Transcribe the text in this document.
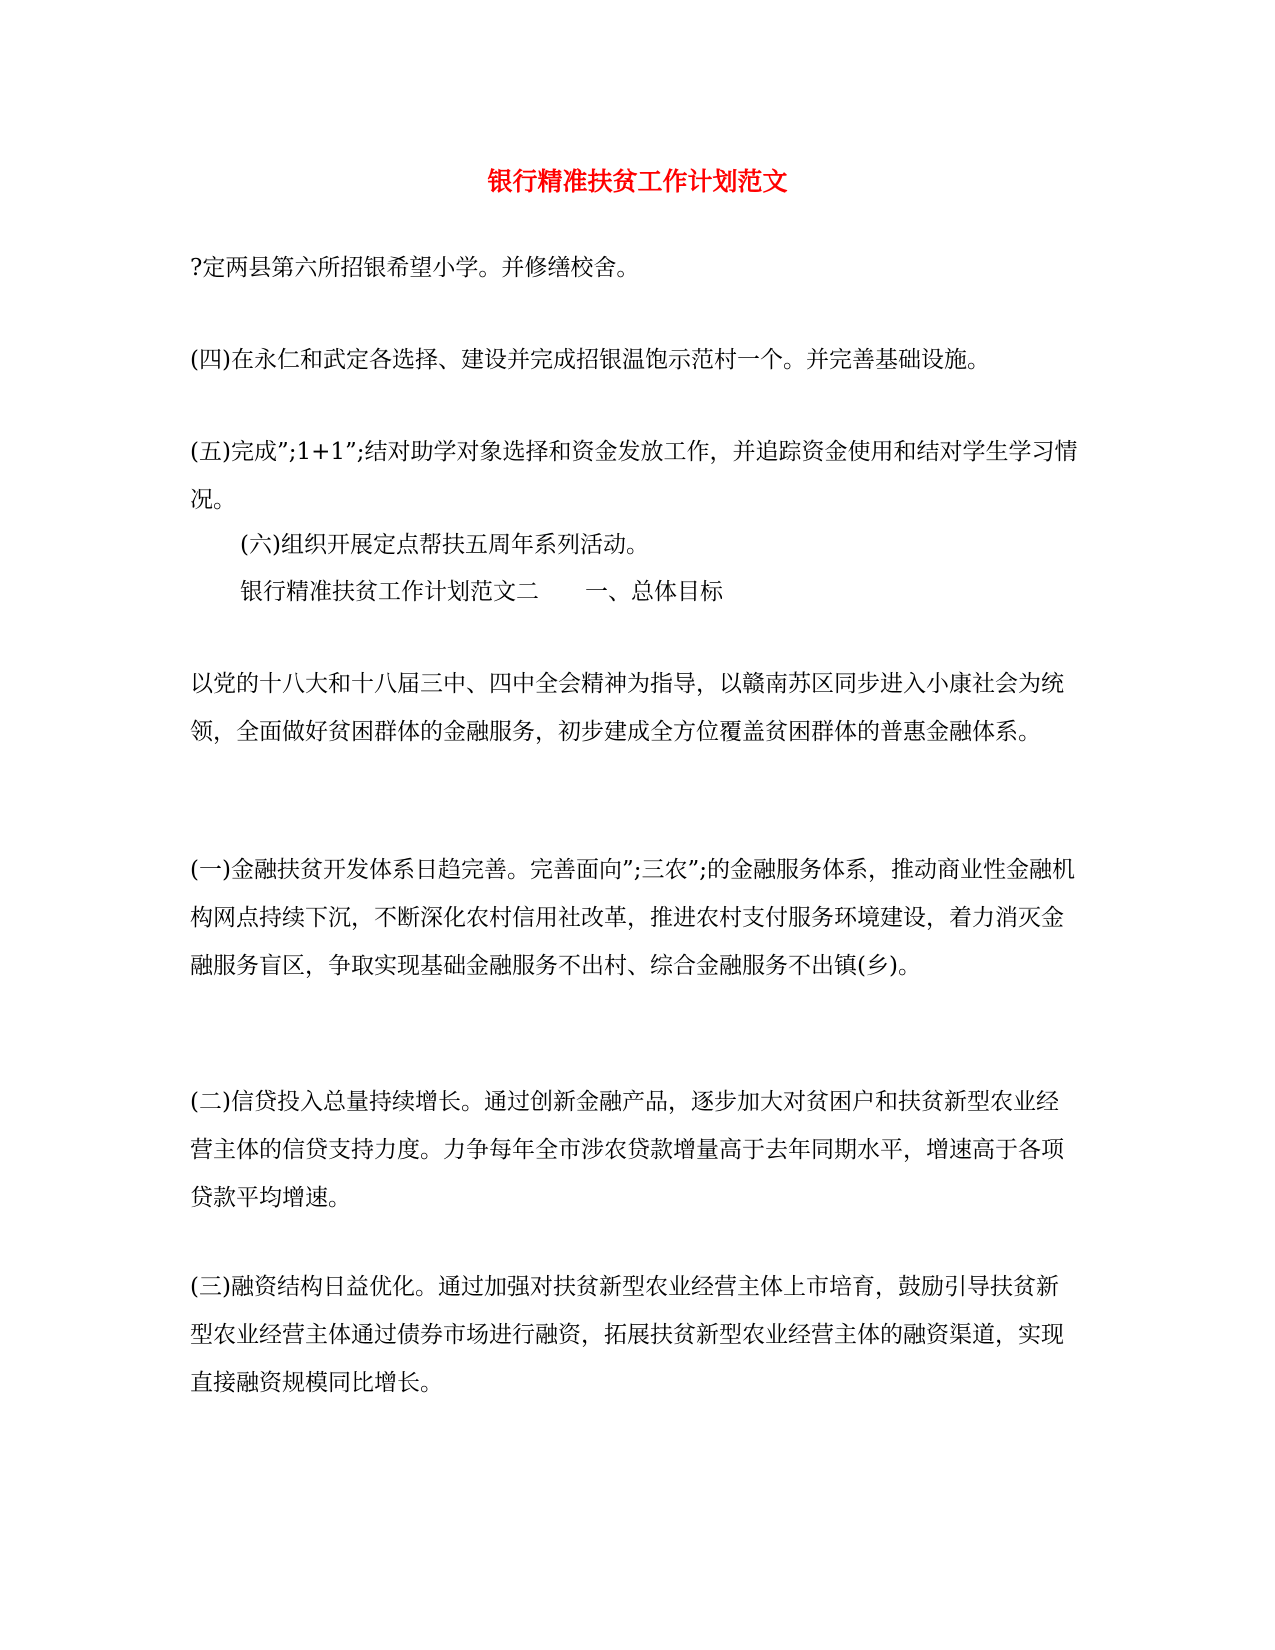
银行精准扶贫工作计划范文

?定两县第六所招银希望小学。并修缮校舍。

(四)在永仁和武定各选择、建设并完成招银温饱示范村一个。并完善基础设施。

(五)完成”;1+1”;结对助学对象选择和资金发放工作，并追踪资金使用和结对学生学习情况。

(六)组织开展定点帮扶五周年系列活动。

银行精准扶贫工作计划范文二 一、总体目标

以党的十八大和十八届三中、四中全会精神为指导，以赣南苏区同步进入小康社会为统领，全面做好贫困群体的金融服务，初步建成全方位覆盖贫困群体的普惠金融体系。

(一)金融扶贫开发体系日趋完善。完善面向”;三农”;的金融服务体系，推动商业性金融机构网点持续下沉，不断深化农村信用社改革，推进农村支付服务环境建设，着力消灭金融服务盲区，争取实现基础金融服务不出村、综合金融服务不出镇(乡)。

(二)信贷投入总量持续增长。通过创新金融产品，逐步加大对贫困户和扶贫新型农业经营主体的信贷支持力度。力争每年全市涉农贷款增量高于去年同期水平，增速高于各项贷款平均增速。

(三)融资结构日益优化。通过加强对扶贫新型农业经营主体上市培育，鼓励引导扶贫新型农业经营主体通过债券市场进行融资，拓展扶贫新型农业经营主体的融资渠道，实现直接融资规模同比增长。
